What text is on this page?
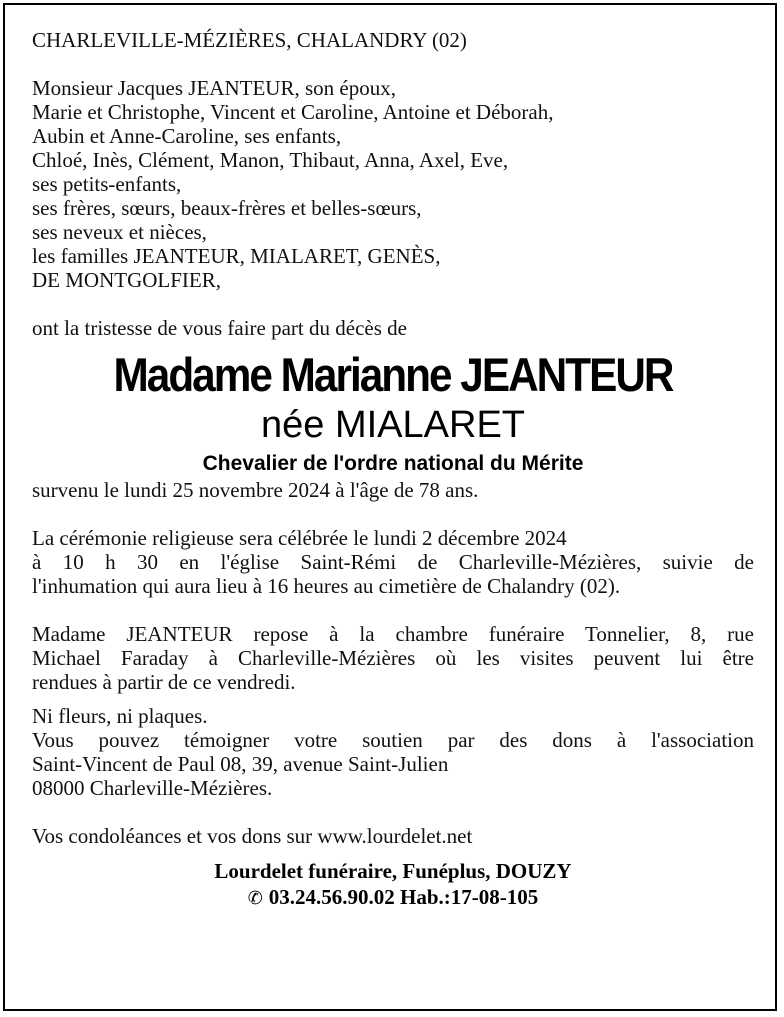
CHARLEVILLE-MÉZIÈRES, CHALANDRY (02)
Monsieur Jacques JEANTEUR, son époux,
Marie et Christophe, Vincent et Caroline, Antoine et Déborah,
Aubin et Anne-Caroline, ses enfants,
Chloé, Inès, Clément, Manon, Thibaut, Anna, Axel, Eve,
ses petits-enfants,
ses frères, sœurs, beaux-frères et belles-sœurs,
ses neveux et nièces,
les familles JEANTEUR, MIALARET, GENÈS,
DE MONTGOLFIER,
ont la tristesse de vous faire part du décès de
Madame Marianne JEANTEUR
née MIALARET
Chevalier de l'ordre national du Mérite
survenu le lundi 25 novembre 2024 à l'âge de 78 ans.
La cérémonie religieuse sera célébrée le lundi 2 décembre 2024
à 10 h 30 en l'église Saint-Rémi de Charleville-Mézières, suivie de
l'inhumation qui aura lieu à 16 heures au cimetière de Chalandry (02).
Madame JEANTEUR repose à la chambre funéraire Tonnelier, 8, rue
Michael Faraday à Charleville-Mézières où les visites peuvent lui être
rendues à partir de ce vendredi.
Ni fleurs, ni plaques.
Vous pouvez témoigner votre soutien par des dons à l'association
Saint-Vincent de Paul 08, 39, avenue Saint-Julien
08000 Charleville-Mézières.
Vos condoléances et vos dons sur www.lourdelet.net
Lourdelet funéraire, Funéplus, DOUZY
✆ 03.24.56.90.02 Hab.:17-08-105
